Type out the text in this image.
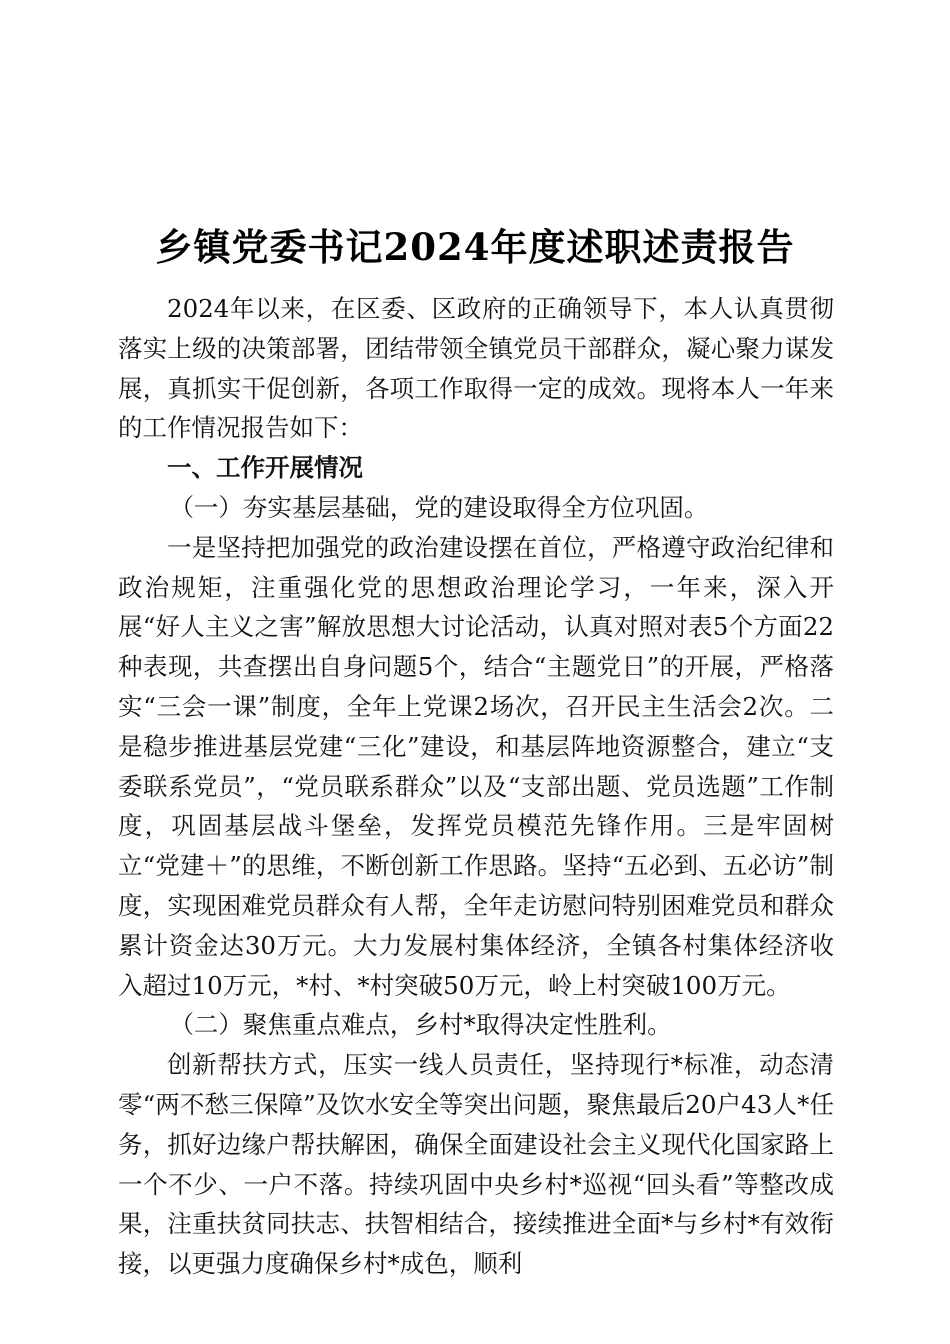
乡镇党委书记2024年度述职述责报告

2024年以来，在区委、区政府的正确领导下，本人认真贯彻落实上级的决策部署，团结带领全镇党员干部群众，凝心聚力谋发展，真抓实干促创新，各项工作取得一定的成效。现将本人一年来的工作情况报告如下：

一、工作开展情况

（一）夯实基层基础，党的建设取得全方位巩固。

一是坚持把加强党的政治建设摆在首位，严格遵守政治纪律和政治规矩，注重强化党的思想政治理论学习，一年来，深入开展“好人主义之害”解放思想大讨论活动，认真对照对表5个方面22种表现，共查摆出自身问题5个，结合“主题党日”的开展，严格落实“三会一课”制度，全年上党课2场次，召开民主生活会2次。二是稳步推进基层党建“三化”建设，和基层阵地资源整合，建立“支委联系党员”，“党员联系群众”以及“支部出题、党员选题”工作制度，巩固基层战斗堡垒，发挥党员模范先锋作用。三是牢固树立“党建＋”的思维，不断创新工作思路。坚持“五必到、五必访”制度，实现困难党员群众有人帮，全年走访慰问特别困难党员和群众累计资金达30万元。大力发展村集体经济，全镇各村集体经济收入超过10万元，*村、*村突破50万元，岭上村突破100万元。

（二）聚焦重点难点，乡村*取得决定性胜利。

创新帮扶方式，压实一线人员责任，坚持现行*标准，动态清零“两不愁三保障”及饮水安全等突出问题，聚焦最后20户43人*任务，抓好边缘户帮扶解困，确保全面建设社会主义现代化国家路上一个不少、一户不落。持续巩固中央乡村*巡视“回头看”等整改成果，注重扶贫同扶志、扶智相结合，接续推进全面*与乡村*有效衔接，以更强力度确保乡村*成色，顺利
